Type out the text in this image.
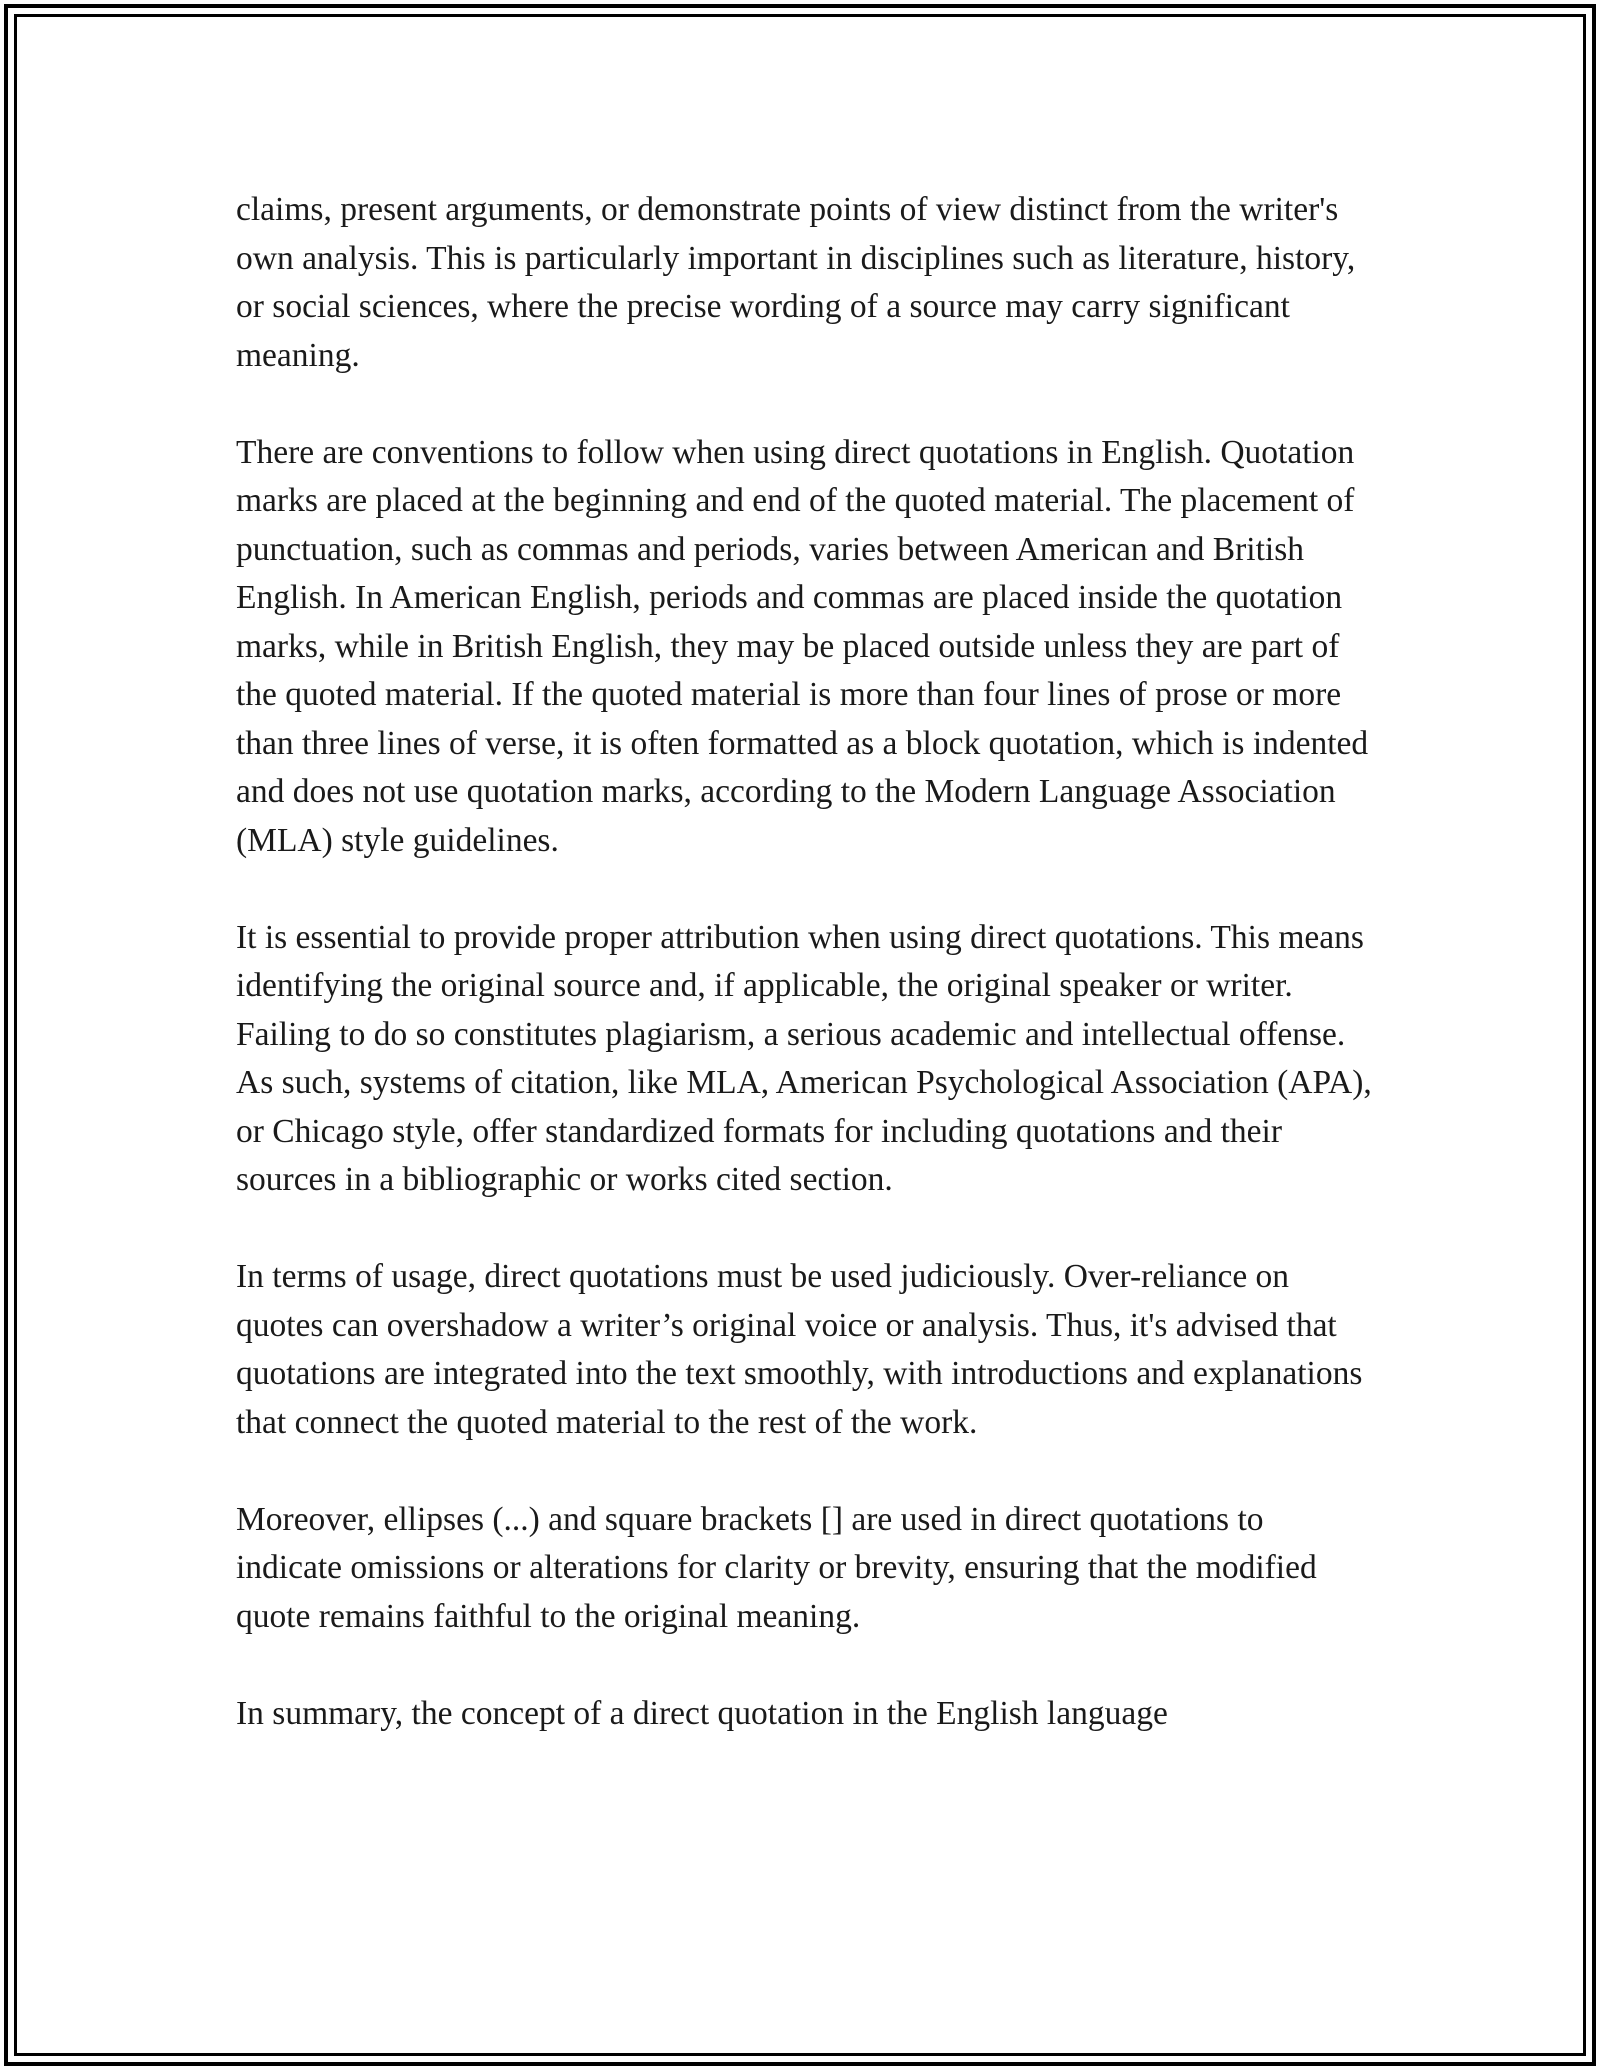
claims, present arguments, or demonstrate points of view distinct from the writer's own analysis. This is particularly important in disciplines such as literature, history, or social sciences, where the precise wording of a source may carry significant meaning.

There are conventions to follow when using direct quotations in English. Quotation marks are placed at the beginning and end of the quoted material. The placement of punctuation, such as commas and periods, varies between American and British English. In American English, periods and commas are placed inside the quotation marks, while in British English, they may be placed outside unless they are part of the quoted material. If the quoted material is more than four lines of prose or more than three lines of verse, it is often formatted as a block quotation, which is indented and does not use quotation marks, according to the Modern Language Association (MLA) style guidelines.

It is essential to provide proper attribution when using direct quotations. This means identifying the original source and, if applicable, the original speaker or writer. Failing to do so constitutes plagiarism, a serious academic and intellectual offense. As such, systems of citation, like MLA, American Psychological Association (APA), or Chicago style, offer standardized formats for including quotations and their sources in a bibliographic or works cited section.

In terms of usage, direct quotations must be used judiciously. Over-reliance on quotes can overshadow a writer’s original voice or analysis. Thus, it's advised that quotations are integrated into the text smoothly, with introductions and explanations that connect the quoted material to the rest of the work.

Moreover, ellipses (...) and square brackets [] are used in direct quotations to indicate omissions or alterations for clarity or brevity, ensuring that the modified quote remains faithful to the original meaning.

In summary, the concept of a direct quotation in the English language
